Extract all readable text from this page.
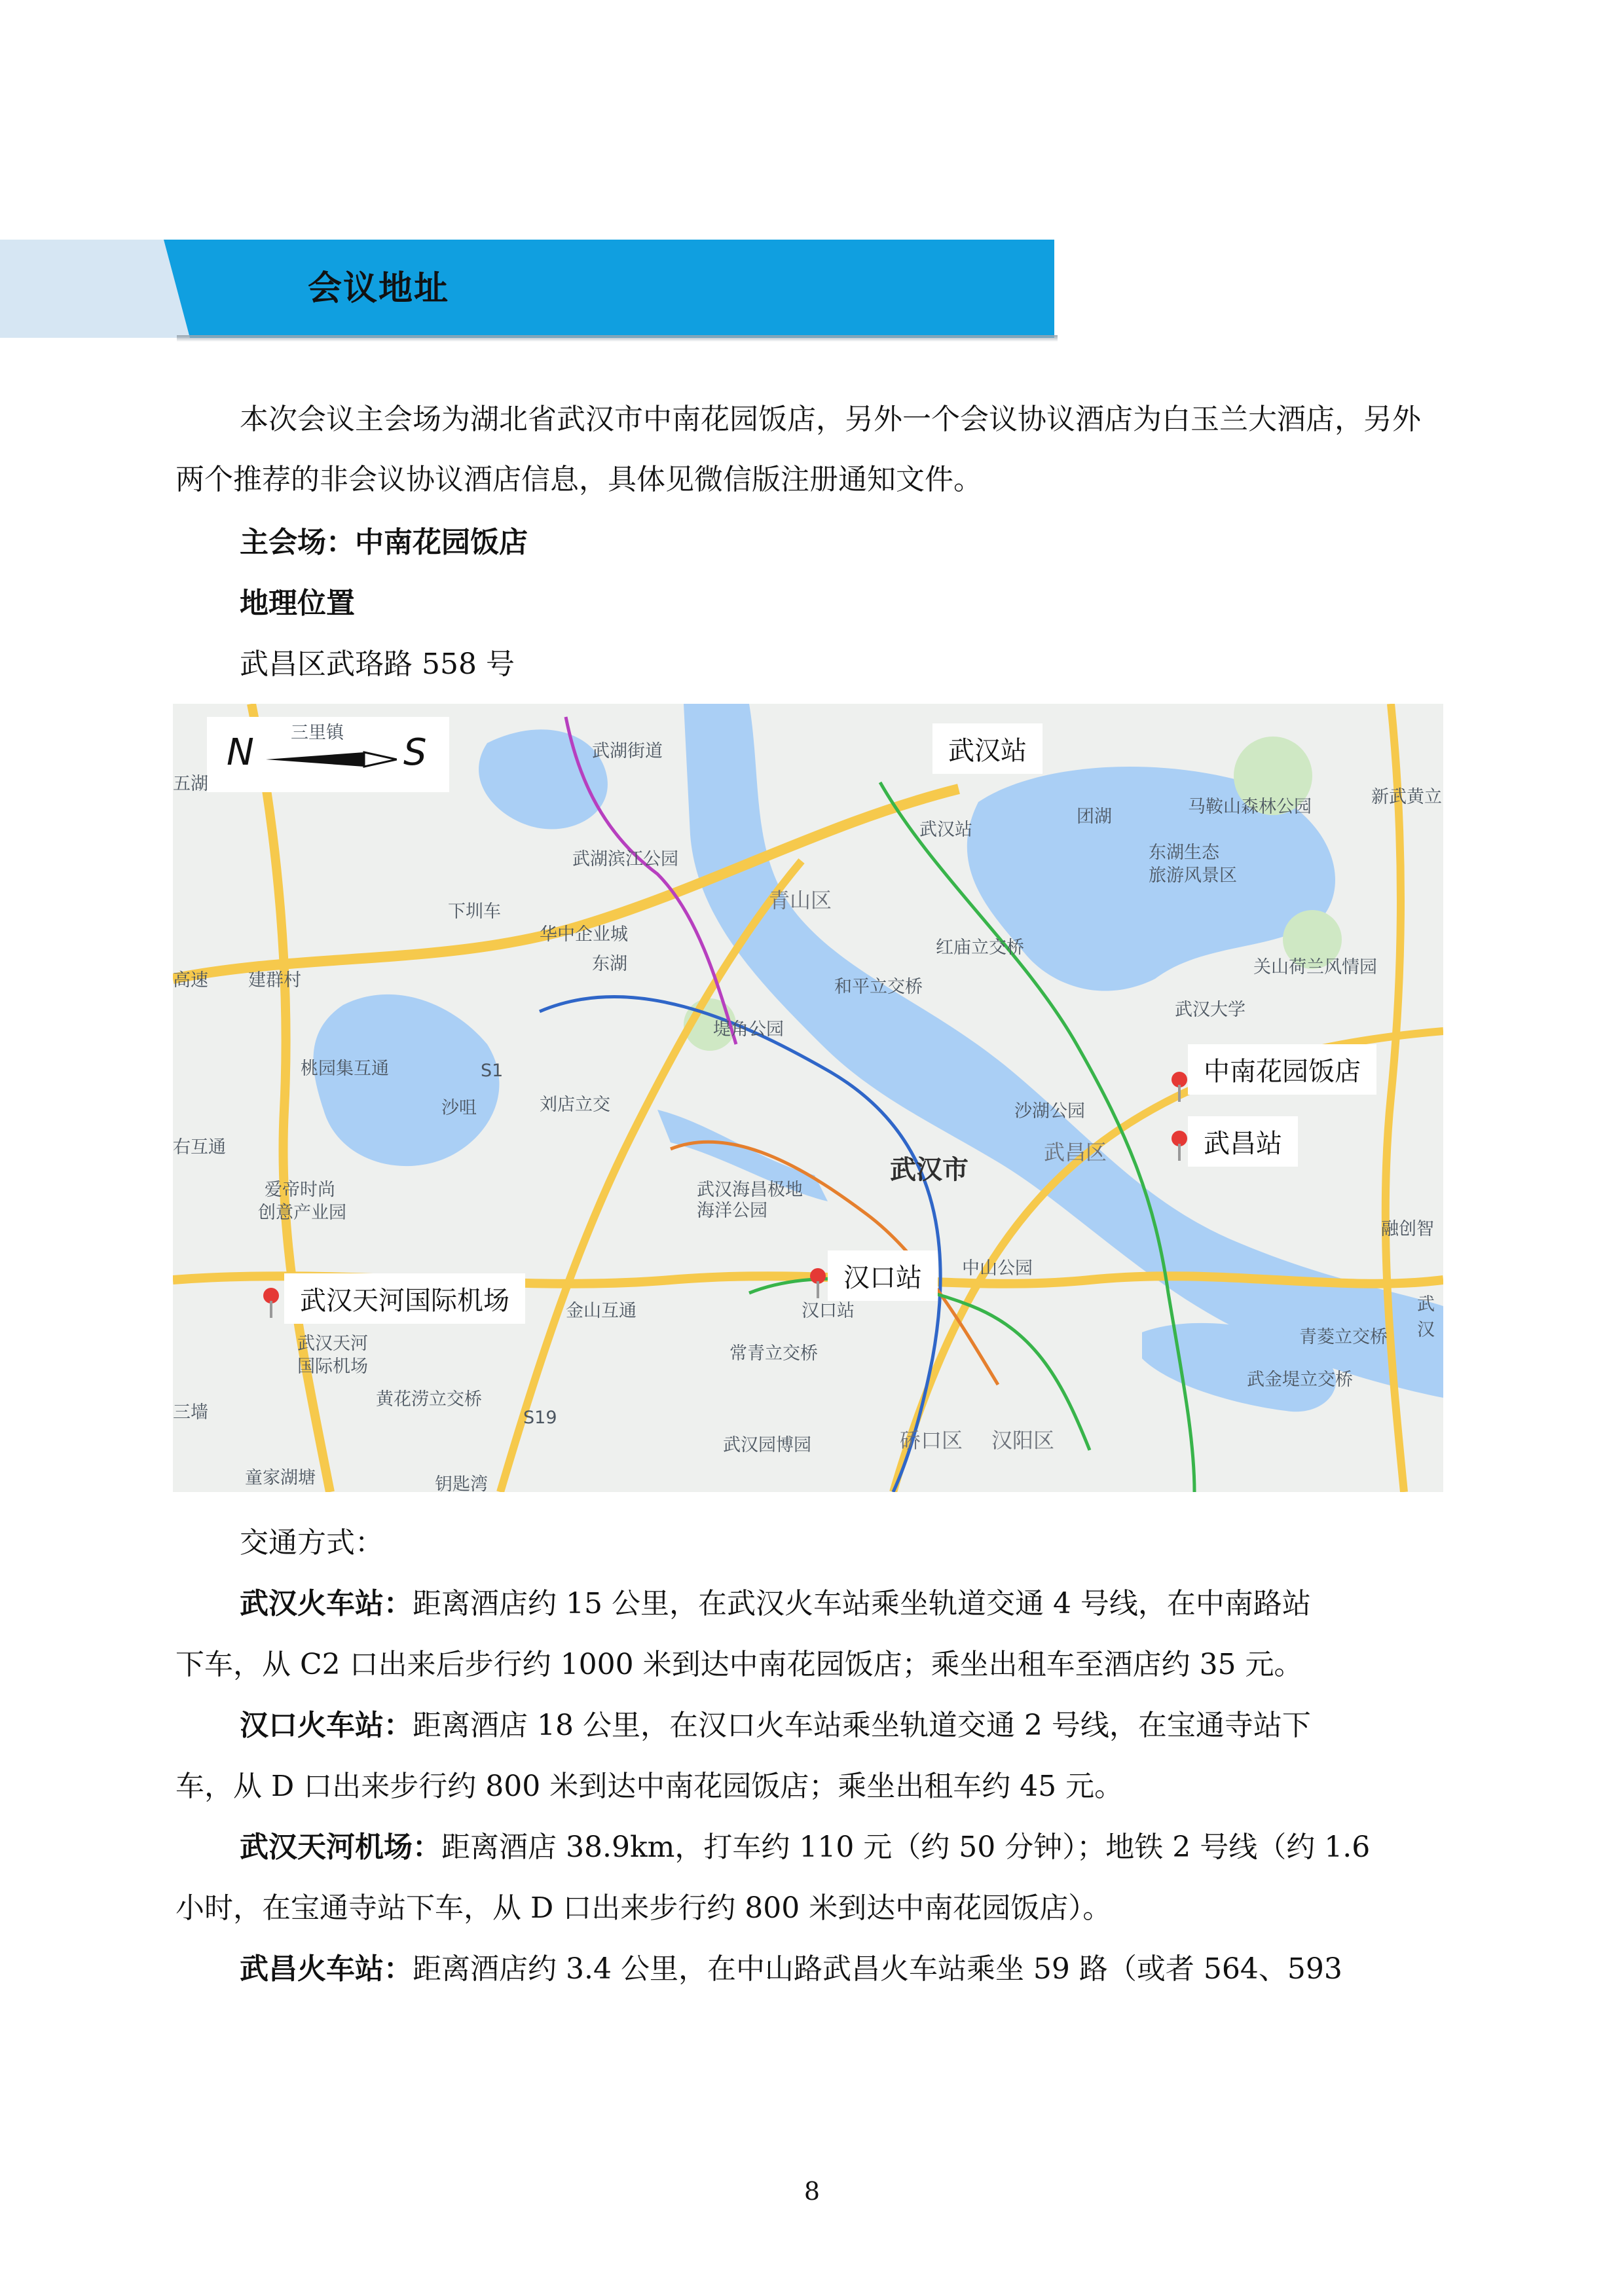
会议地址
本次会议主会场为湖北省武汉市中南花园饭店，另外一个会议协议酒店为白玉兰大酒店，另外两个推荐的非会议协议酒店信息，具体见微信版注册通知文件。
主会场：中南花园饭店
地理位置
武昌区武珞路 558 号
N	S	武汉站
中南花园饭店
武昌站
汉口站
武汉天河国际机场
武汉市
青山区
武昌区
硚口区 汉阳区
三里镇
武湖街道
武湖滨江公园
下圳车
华中企业城
建群村
高速
堤角公园
桃园集互通
沙咀	刘店立交
右互通
爱帝时尚
创意产业园
武汉海昌极地
海洋公园
和平立交桥
红庙立交桥
沙湖公园
中山公园
常青立交桥
武汉园博园
金山互通
黄花涝立交桥
童家湖塘	钥匙湾
三墙
武汉站
团湖	马鞍山森林公园	新武黄立
东湖生态
旅游风景区
关山荷兰风情园
武汉大学
融创智
青菱立交桥
武金堤立交桥
武汉
武汉天河
国际机场
S1
S19
五湖
汉口站
东湖
交通方式：
武汉火车站：距离酒店约 15 公里，在武汉火车站乘坐轨道交通 4 号线，在中南路站
下车，从 C2 口出来后步行约 1000 米到达中南花园饭店；乘坐出租车至酒店约 35 元。
汉口火车站：距离酒店 18 公里，在汉口火车站乘坐轨道交通 2 号线，在宝通寺站下
车，从 D 口出来步行约 800 米到达中南花园饭店；乘坐出租车约 45 元。
武汉天河机场：距离酒店 38.9km，打车约 110 元（约 50 分钟）；地铁 2 号线（约 1.6
小时，在宝通寺站下车，从 D 口出来步行约 800 米到达中南花园饭店）。
武昌火车站：距离酒店约 3.4 公里，在中山路武昌火车站乘坐 59 路（或者 564、593
8
